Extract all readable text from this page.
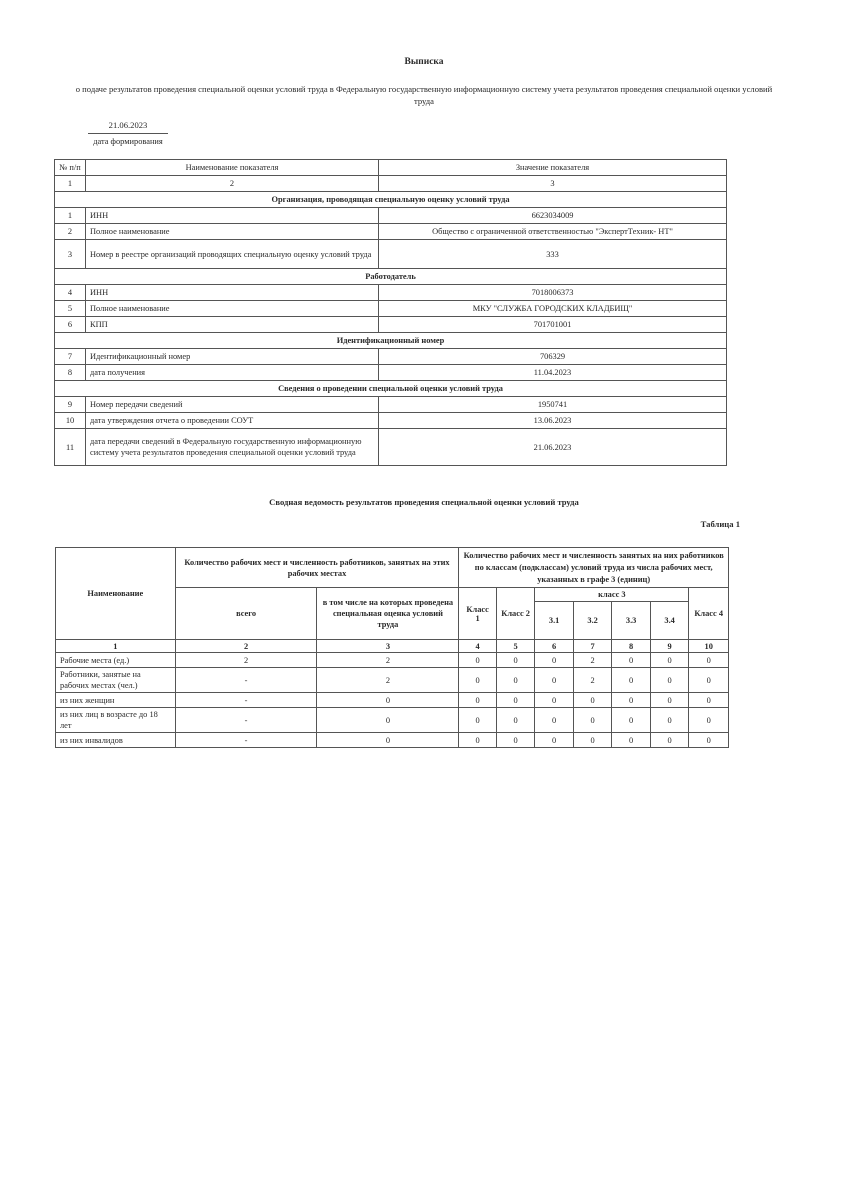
Выписка
о подаче результатов проведения специальной оценки условий труда в Федеральную государственную информационную систему учета результатов проведения специальной оценки условий труда
21.06.2023
дата формирования
№ п/п	Наименование показателя	Значение показателя
1	2	3
Организация, проводящая специальную оценку условий труда		
1	ИНН	6623034009
2	Полное наименование	Общество с ограниченной ответственностью "ЭкспертТехник- НТ"
3	Номер в реестре организаций проводящих специальную оценку условий труда	333
Работодатель		
4	ИНН	7018006373
5	Полное наименование	МКУ "СЛУЖБА ГОРОДСКИХ КЛАДБИЩ"
6	КПП	701701001
Идентификационный номер		
7	Идентификационный номер	706329
8	дата получения	11.04.2023
Сведения о проведении специальной оценки условий труда		
9	Номер передачи сведений	1950741
10	дата утверждения отчета о проведении СОУТ	13.06.2023
11	дата передачи сведений в Федеральную государственную информационную систему учета результатов проведения специальной оценки условий труда	21.06.2023
Сводная ведомость результатов проведения специальной оценки условий труда
Таблица 1
Наименование	Количество рабочих мест и численность работников, занятых на этих рабочих местах		Количество рабочих мест и численность занятых на них работников по классам (подклассам) условий труда из числа рабочих мест, указанных в графе 3 (единиц)						
	всего	в том числе на которых проведена специальная оценка условий труда	Класс 1	Класс 2	класс 3				Класс 4
					3.1	3.2	3.3	3.4	
1	2	3	4	5	6	7	8	9	10
Рабочие места (ед.)	2	2	0	0	0	2	0	0	0
Работники, занятые на рабочих местах (чел.)	-	2	0	0	0	2	0	0	0
из них женщин	-	0	0	0	0	0	0	0	0
из них лиц в возрасте до 18 лет	-	0	0	0	0	0	0	0	0
из них инвалидов	-	0	0	0	0	0	0	0	0
